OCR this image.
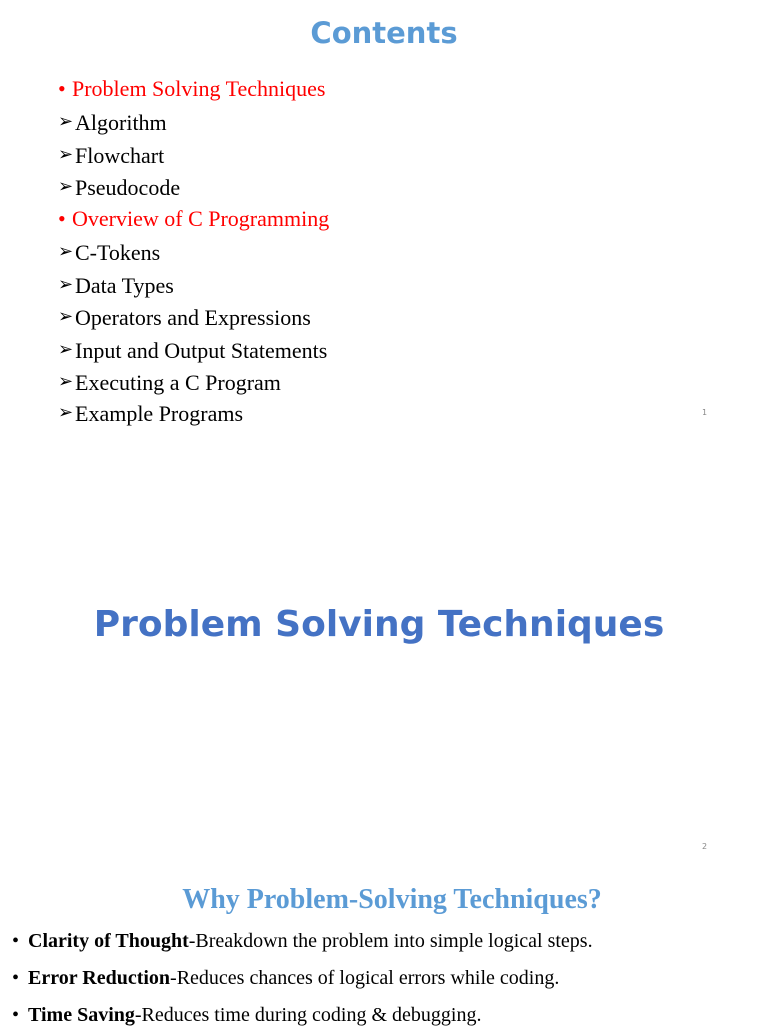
Contents
• Problem Solving Techniques
➢Algorithm
➢Flowchart
➢Pseudocode
• Overview of C Programming
➢C-Tokens
➢Data Types
➢Operators and Expressions
➢Input and Output Statements
➢Executing a C Program
➢Example Programs	1
Problem Solving Techniques
2
Why Problem-Solving Techniques?
• Clarity of Thought-Breakdown the problem into simple logical steps.
• Error Reduction-Reduces chances of logical errors while coding.
• Time Saving-Reduces time during coding & debugging.
